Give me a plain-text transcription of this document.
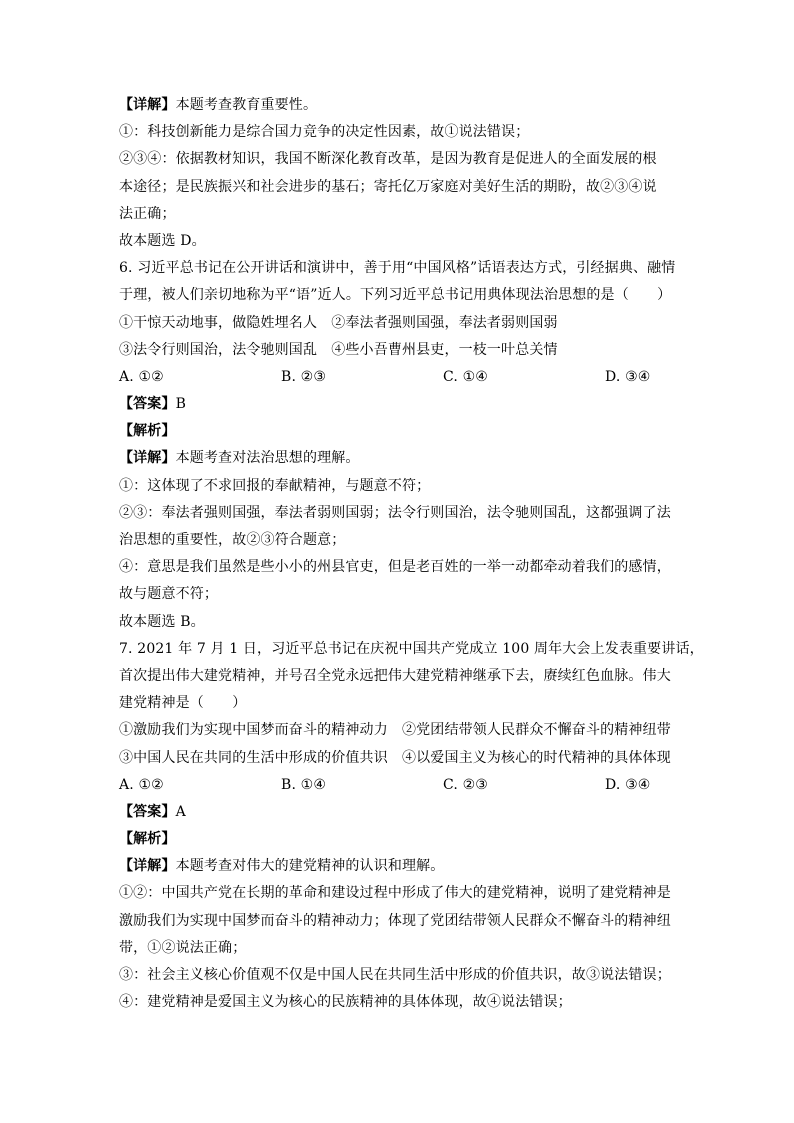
【详解】本题考查教育重要性。
①：科技创新能力是综合国力竞争的决定性因素，故①说法错误；
②③④：依据教材知识，我国不断深化教育改革，是因为教育是促进人的全面发展的根
本途径；是民族振兴和社会进步的基石；寄托亿万家庭对美好生活的期盼，故②③④说
法正确；
故本题选 D。
6. 习近平总书记在公开讲话和演讲中，善于用“中国风格”话语表达方式，引经据典、融情
于理，被人们亲切地称为平“语”近人。下列习近平总书记用典体现法治思想的是（　　）
①干惊天动地事，做隐姓埋名人　②奉法者强则国强，奉法者弱则国弱
③法令行则国治，法令驰则国乱　④些小吾曹州县吏，一枝一叶总关情
A. ①②	B. ②③	C. ①④	D. ③④
【答案】B
【解析】
【详解】本题考查对法治思想的理解。
①：这体现了不求回报的奉献精神，与题意不符；
②③：奉法者强则国强，奉法者弱则国弱；法令行则国治，法令驰则国乱，这都强调了法
治思想的重要性，故②③符合题意；
④：意思是我们虽然是些小小的州县官吏，但是老百姓的一举一动都牵动着我们的感情，
故与题意不符；
故本题选 B。
7. 2021 年 7 月 1 日，习近平总书记在庆祝中国共产党成立 100 周年大会上发表重要讲话，
首次提出伟大建党精神，并号召全党永远把伟大建党精神继承下去，赓续红色血脉。伟大
建党精神是（　　）
①激励我们为实现中国梦而奋斗的精神动力　②党团结带领人民群众不懈奋斗的精神纽带
③中国人民在共同的生活中形成的价值共识　④以爱国主义为核心的时代精神的具体体现
A. ①②	B. ①④	C. ②③	D. ③④
【答案】A
【解析】
【详解】本题考查对伟大的建党精神的认识和理解。
①②：中国共产党在长期的革命和建设过程中形成了伟大的建党精神，说明了建党精神是
激励我们为实现中国梦而奋斗的精神动力；体现了党团结带领人民群众不懈奋斗的精神纽
带，①②说法正确；
③：社会主义核心价值观不仅是中国人民在共同生活中形成的价值共识，故③说法错误；
④：建党精神是爱国主义为核心的民族精神的具体体现，故④说法错误；
